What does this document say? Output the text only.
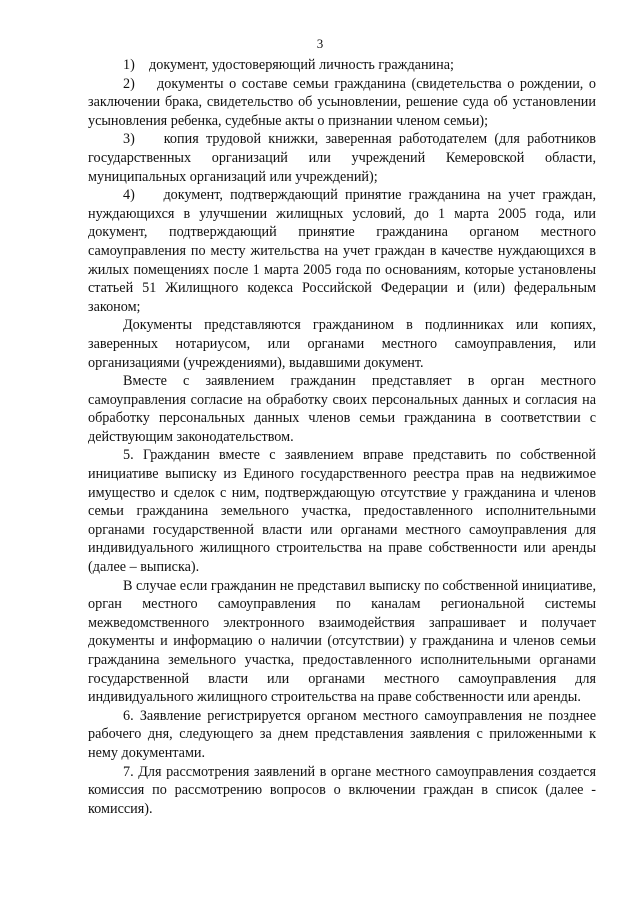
3

1)    документ, удостоверяющий личность гражданина;

2)    документы о составе семьи гражданина (свидетельства о рождении, о заключении брака, свидетельство об усыновлении, решение суда об установлении усыновления ребенка, судебные акты о признании членом семьи);

3)    копия трудовой книжки, заверенная работодателем (для работников государственных организаций или учреждений Кемеровской области, муниципальных организаций или учреждений);

4)    документ, подтверждающий принятие гражданина на учет граждан, нуждающихся в улучшении жилищных условий, до 1 марта 2005 года, или документ, подтверждающий принятие гражданина органом местного самоуправления по месту жительства на учет граждан в качестве нуждающихся в жилых помещениях после 1 марта 2005 года по основаниям, которые установлены статьей 51 Жилищного кодекса Российской Федерации и (или) федеральным законом;

Документы представляются гражданином в подлинниках или копиях, заверенных нотариусом, или органами местного самоуправления, или организациями (учреждениями), выдавшими документ.

Вместе с заявлением гражданин представляет в орган местного самоуправления согласие на обработку своих персональных данных и согласия на обработку персональных данных членов семьи гражданина в соответствии с действующим законодательством.

5. Гражданин вместе с заявлением вправе представить по собственной инициативе выписку из Единого государственного реестра прав на недвижимое имущество и сделок с ним, подтверждающую отсутствие у гражданина и членов семьи гражданина земельного участка, предоставленного исполнительными органами государственной власти или органами местного самоуправления для индивидуального жилищного строительства на праве собственности или аренды (далее – выписка).

В случае если гражданин не представил выписку по собственной инициативе, орган местного самоуправления по каналам региональной системы межведомственного электронного взаимодействия запрашивает и получает документы и информацию о наличии (отсутствии) у гражданина и членов семьи гражданина земельного участка, предоставленного исполнительными органами государственной власти или органами местного самоуправления для индивидуального жилищного строительства на праве собственности или аренды.

6. Заявление регистрируется органом местного самоуправления не позднее рабочего дня, следующего за днем представления заявления с приложенными к нему документами.

7. Для рассмотрения заявлений в органе местного самоуправления создается комиссия по рассмотрению вопросов о включении граждан в список (далее - комиссия).
